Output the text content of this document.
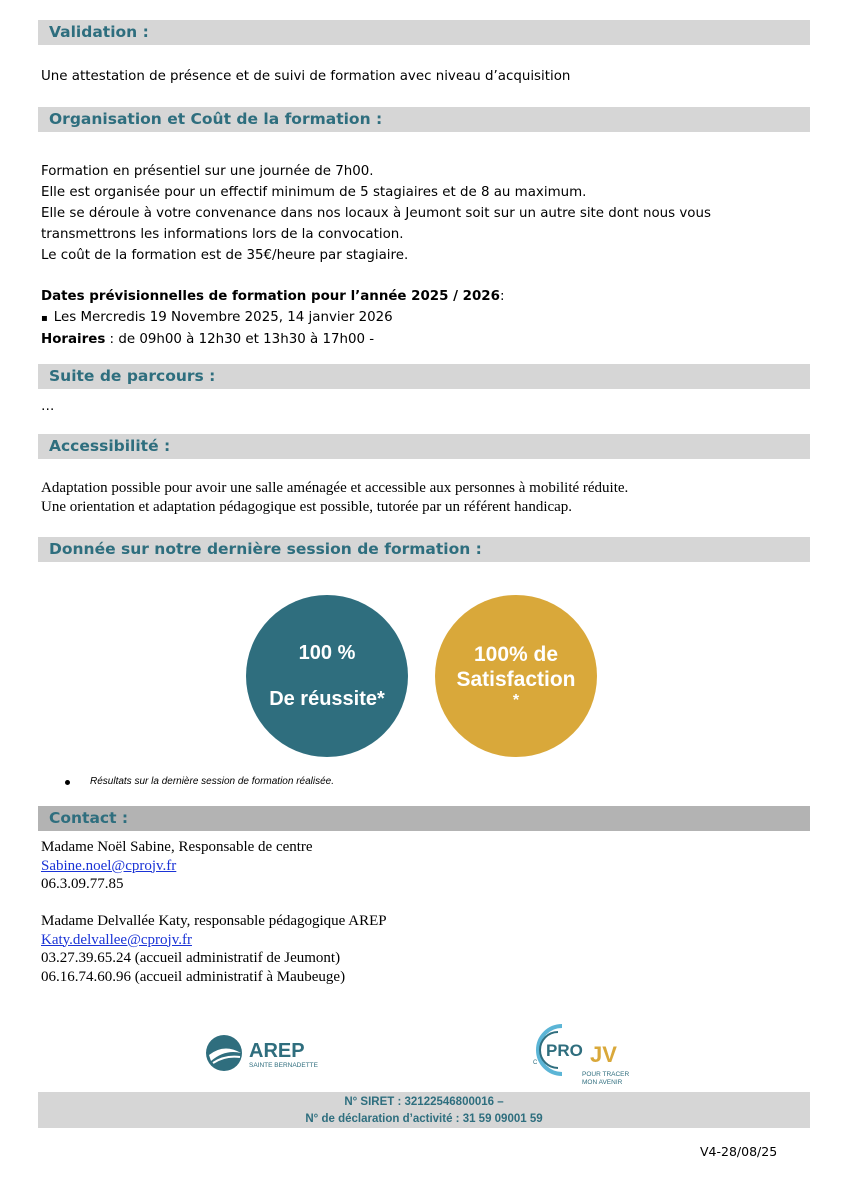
Validation :
Une attestation de présence et de suivi de formation avec niveau d’acquisition
Organisation et Coût de la formation :
Formation en présentiel sur une journée de 7h00.
Elle est organisée pour un effectif minimum de 5 stagiaires et de 8 au maximum.
Elle se déroule à votre convenance dans nos locaux à Jeumont soit sur un autre site dont nous vous
transmettrons les informations lors de la convocation.
Le coût de la formation est de 35€/heure par stagiaire.
Dates prévisionnelles de formation pour l’année 2025 / 2026:
▪ Les Mercredis 19 Novembre 2025, 14 janvier 2026
Horaires : de 09h00 à 12h30 et 13h30 à 17h00 -
Suite de parcours :
…
Accessibilité :
Adaptation possible pour avoir une salle aménagée et accessible aux personnes à mobilité réduite.
Une orientation et adaptation pédagogique est possible, tutorée par un référent handicap.
Donnée sur notre dernière session de formation :
100 %
De réussite*
100% de
Satisfaction
*
Résultats sur la dernière session de formation réalisée.
Contact :
Madame Noël Sabine, Responsable de centre
Sabine.noel@cprojv.fr
06.3.09.77.85
Madame Delvallée Katy, responsable pédagogique AREP
Katy.delvallee@cprojv.fr
03.27.39.65.24 (accueil administratif de Jeumont)
06.16.74.60.96 (accueil administratif à Maubeuge)
AREP
SAINTE BERNADETTE	C
PRO JV
POUR TRACER
MON AVENIR
N° SIRET : 32122546800016 –
N° de déclaration d’activité : 31 59 09001 59
V4-28/08/25
